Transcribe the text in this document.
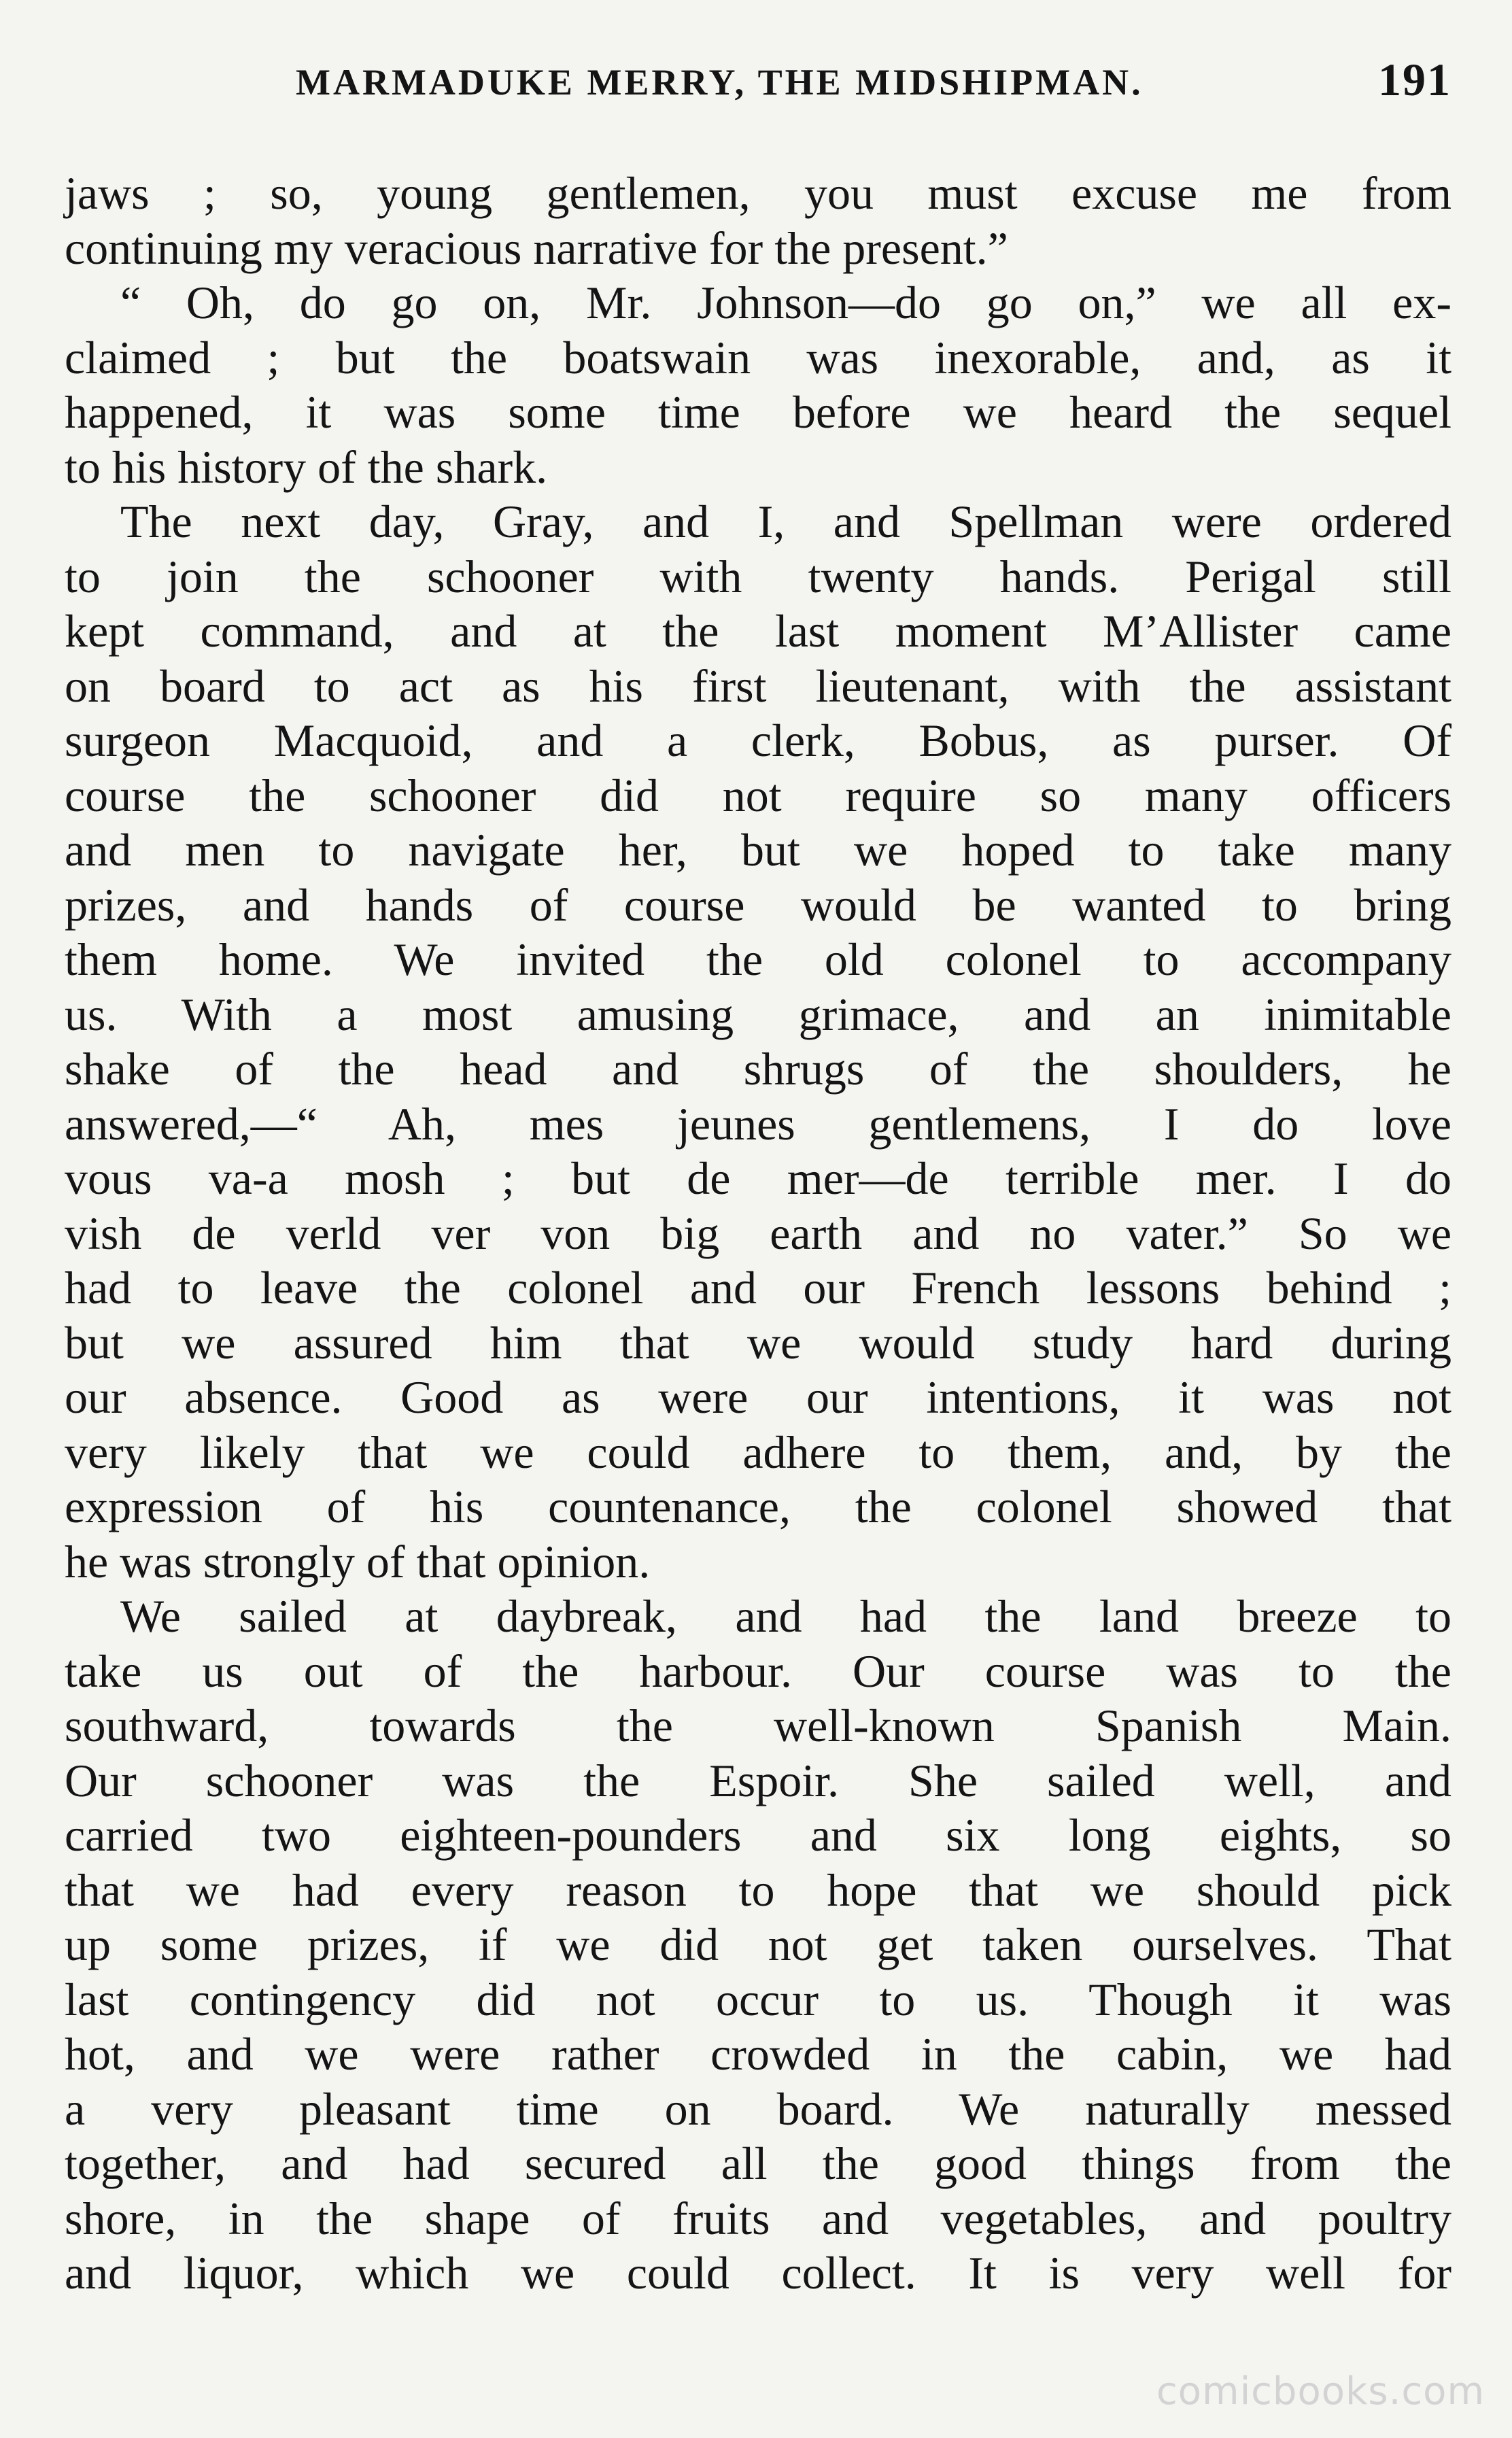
MARMADUKE MERRY, THE MIDSHIPMAN.	191
jaws ; so, young gentlemen, you must excuse me from
continuing my veracious narrative for the present.”
“ Oh, do go on, Mr. Johnson—do go on,” we all ex-
claimed ; but the boatswain was inexorable, and, as it
happened, it was some time before we heard the sequel
to his history of the shark.
The next day, Gray, and I, and Spellman were ordered
to join the schooner with twenty hands. Perigal still
kept command, and at the last moment M’Allister came
on board to act as his first lieutenant, with the assistant
surgeon Macquoid, and a clerk, Bobus, as purser. Of
course the schooner did not require so many officers
and men to navigate her, but we hoped to take many
prizes, and hands of course would be wanted to bring
them home. We invited the old colonel to accompany
us. With a most amusing grimace, and an inimitable
shake of the head and shrugs of the shoulders, he
answered,—“ Ah, mes jeunes gentlemens, I do love
vous va-a mosh ; but de mer—de terrible mer. I do
vish de verld ver von big earth and no vater.” So we
had to leave the colonel and our French lessons behind ;
but we assured him that we would study hard during
our absence. Good as were our intentions, it was not
very likely that we could adhere to them, and, by the
expression of his countenance, the colonel showed that
he was strongly of that opinion.
We sailed at daybreak, and had the land breeze to
take us out of the harbour. Our course was to the
southward, towards the well-known Spanish Main.
Our schooner was the Espoir. She sailed well, and
carried two eighteen-pounders and six long eights, so
that we had every reason to hope that we should pick
up some prizes, if we did not get taken ourselves. That
last contingency did not occur to us. Though it was
hot, and we were rather crowded in the cabin, we had
a very pleasant time on board. We naturally messed
together, and had secured all the good things from the
shore, in the shape of fruits and vegetables, and poultry
and liquor, which we could collect. It is very well for
comicbooks.com
